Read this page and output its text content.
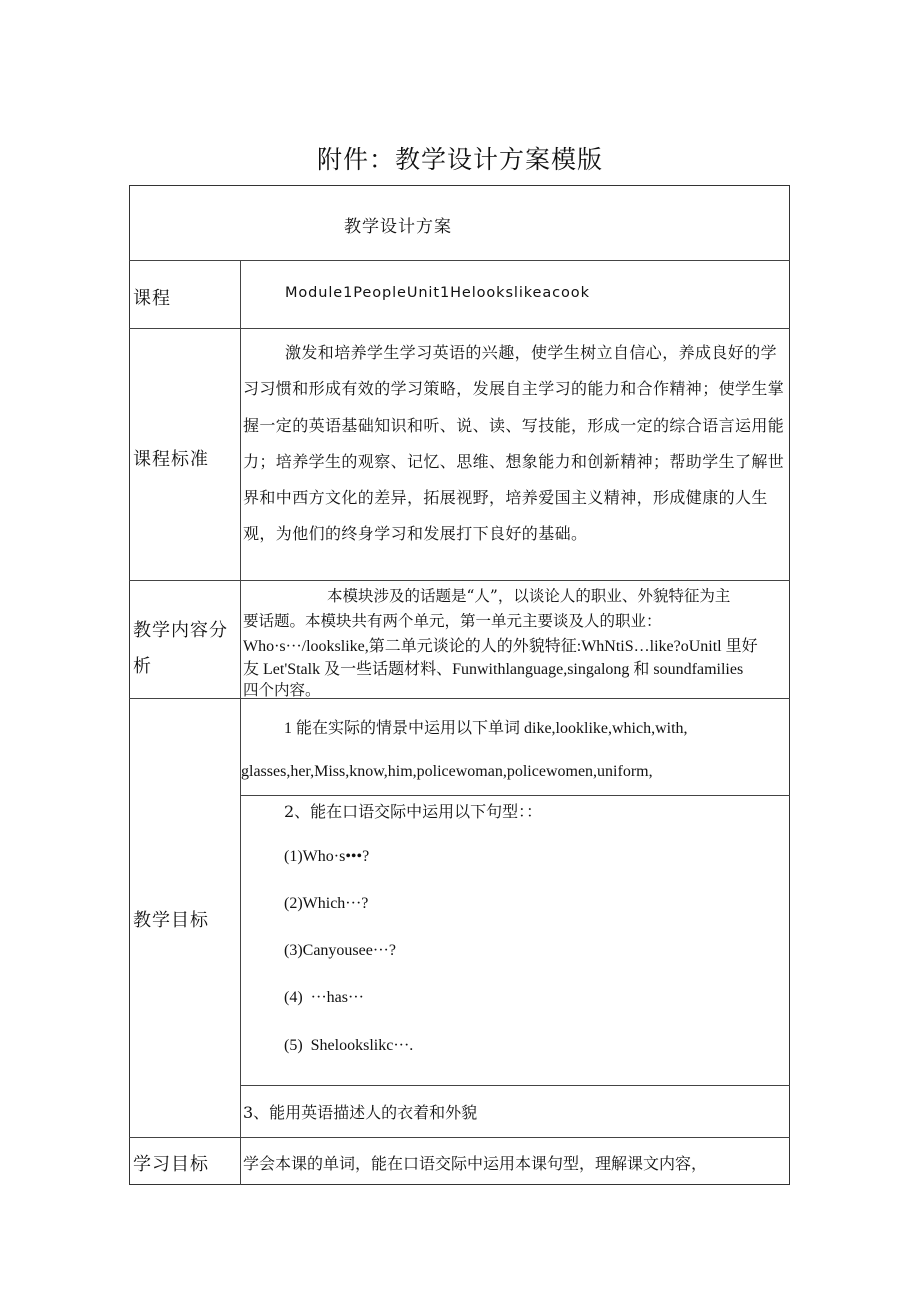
附件：教学设计方案模版
教学设计方案
课程	Module1PeopleUnit1Helookslikeacook
课程标准
激发和培养学生学习英语的兴趣，使学生树立自信心，养成良好的学习习惯和形成有效的学习策略，发展自主学习的能力和合作精神；使学生掌握一定的英语基础知识和听、说、读、写技能，形成一定的综合语言运用能力；培养学生的观察、记忆、思维、想象能力和创新精神；帮助学生了解世界和中西方文化的差异，拓展视野，培养爱国主义精神，形成健康的人生观，为他们的终身学习和发展打下良好的基础。
教学内容分
析
本模块涉及的话题是“人”，以谈论人的职业、外貌特征为主
要话题。本模块共有两个单元，第一单元主要谈及人的职业：
Who·s···/lookslike,第二单元谈论的人的外貌特征:WhNtiS…like?oUnitl 里好
友 Let'Stalk 及一些话题材料、Funwithlanguage,singalong 和 soundfamilies
四个内容。
教学目标
1 能在实际的情景中运用以下单词 dike,looklike,which,with,
glasses,her,Miss,know,him,policewoman,policewomen,uniform,
2、能在口语交际中运用以下句型：：
(1)Who·s•••?
(2)Which···?
(3)Canyousee···?
(4)  ···has···
(5)  Shelookslikc···.
3、能用英语描述人的衣着和外貌
学习目标 学会本课的单词，能在口语交际中运用本课句型，理解课文内容，
